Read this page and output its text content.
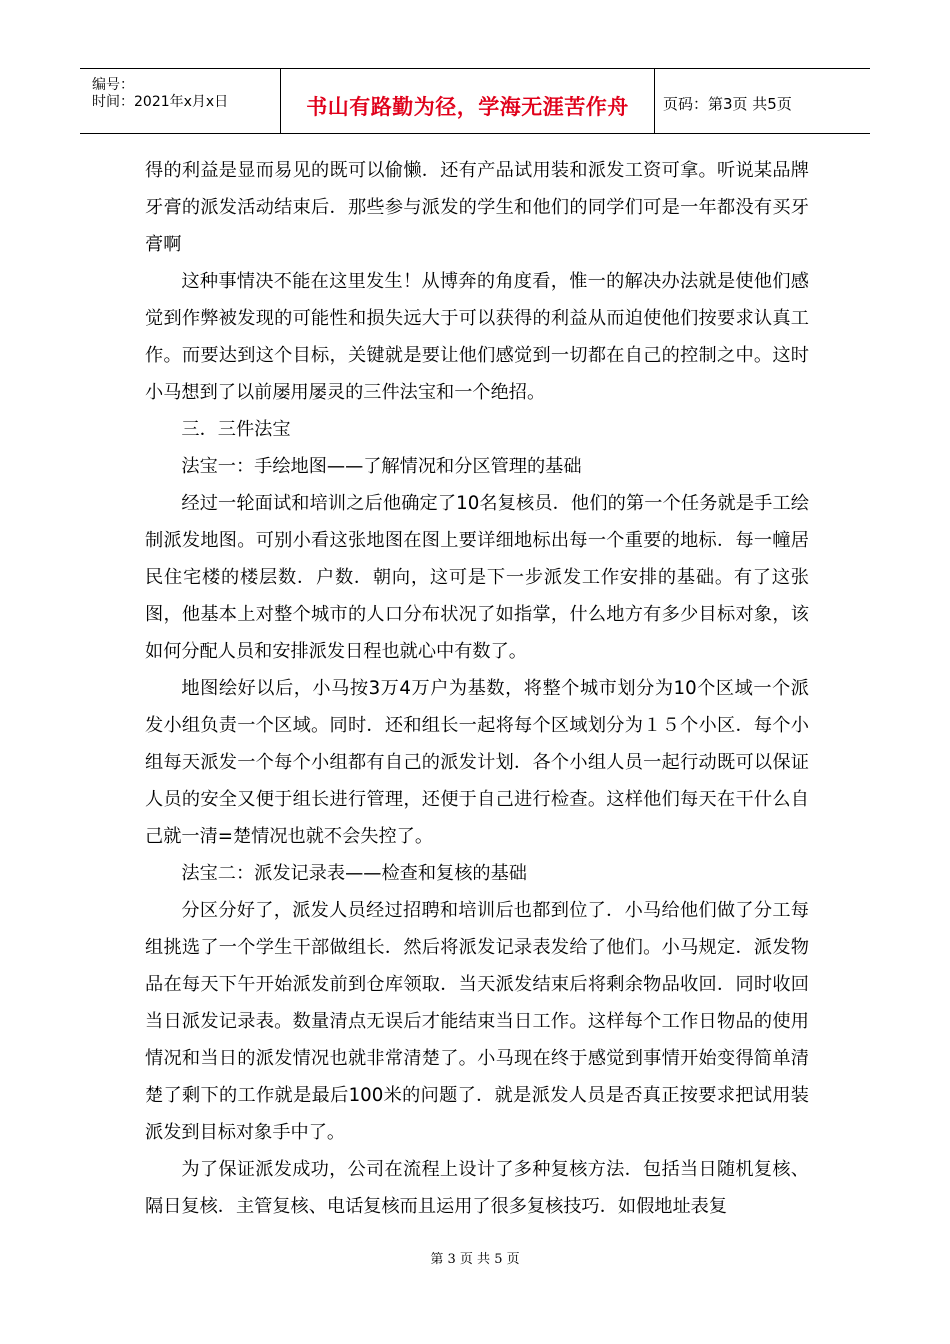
编号：
时间：2021年x月x日	书山有路勤为径，学海无涯苦作舟	页码：第3页 共5页

得的利益是显而易见的既可以偷懒．还有产品试用装和派发工资可拿。听说某品牌牙膏的派发活动结束后．那些参与派发的学生和他们的同学们可是一年都没有买牙膏啊

这种事情决不能在这里发生！从博奔的角度看，惟一的解决办法就是使他们感觉到作弊被发现的可能性和损失远大于可以获得的利益从而迫使他们按要求认真工作。而要达到这个目标，关键就是要让他们感觉到一切都在自己的控制之中。这时小马想到了以前屡用屡灵的三件法宝和一个绝招。

三．三件法宝

法宝一：手绘地图——了解情况和分区管理的基础

经过一轮面试和培训之后他确定了10名复核员．他们的第一个任务就是手工绘制派发地图。可别小看这张地图在图上要详细地标出每一个重要的地标．每一幢居民住宅楼的楼层数．户数．朝向，这可是下一步派发工作安排的基础。有了这张图，他基本上对整个城市的人口分布状况了如指掌，什么地方有多少目标对象，该如何分配人员和安排派发日程也就心中有数了。

地图绘好以后，小马按3万4万户为基数，将整个城市划分为10个区域一个派发小组负责一个区域。同时．还和组长一起将每个区域划分为１５个小区．每个小组每天派发一个每个小组都有自己的派发计划．各个小组人员一起行动既可以保证人员的安全又便于组长进行管理，还便于自己进行检查。这样他们每天在干什么自己就一清=楚情况也就不会失控了。

法宝二：派发记录表——检查和复核的基础

分区分好了，派发人员经过招聘和培训后也都到位了．小马给他们做了分工每组挑选了一个学生干部做组长．然后将派发记录表发给了他们。小马规定．派发物品在每天下午开始派发前到仓库领取．当天派发结束后将剩余物品收回．同时收回当日派发记录表。数量清点无误后才能结束当日工作。这样每个工作日物品的使用情况和当日的派发情况也就非常清楚了。小马现在终于感觉到事情开始变得简单清楚了剩下的工作就是最后100米的问题了．就是派发人员是否真正按要求把试用装派发到目标对象手中了。

为了保证派发成功，公司在流程上设计了多种复核方法．包括当日随机复核、隔日复核．主管复核、电话复核而且运用了很多复核技巧．如假地址表复

第 3 页 共 5 页
